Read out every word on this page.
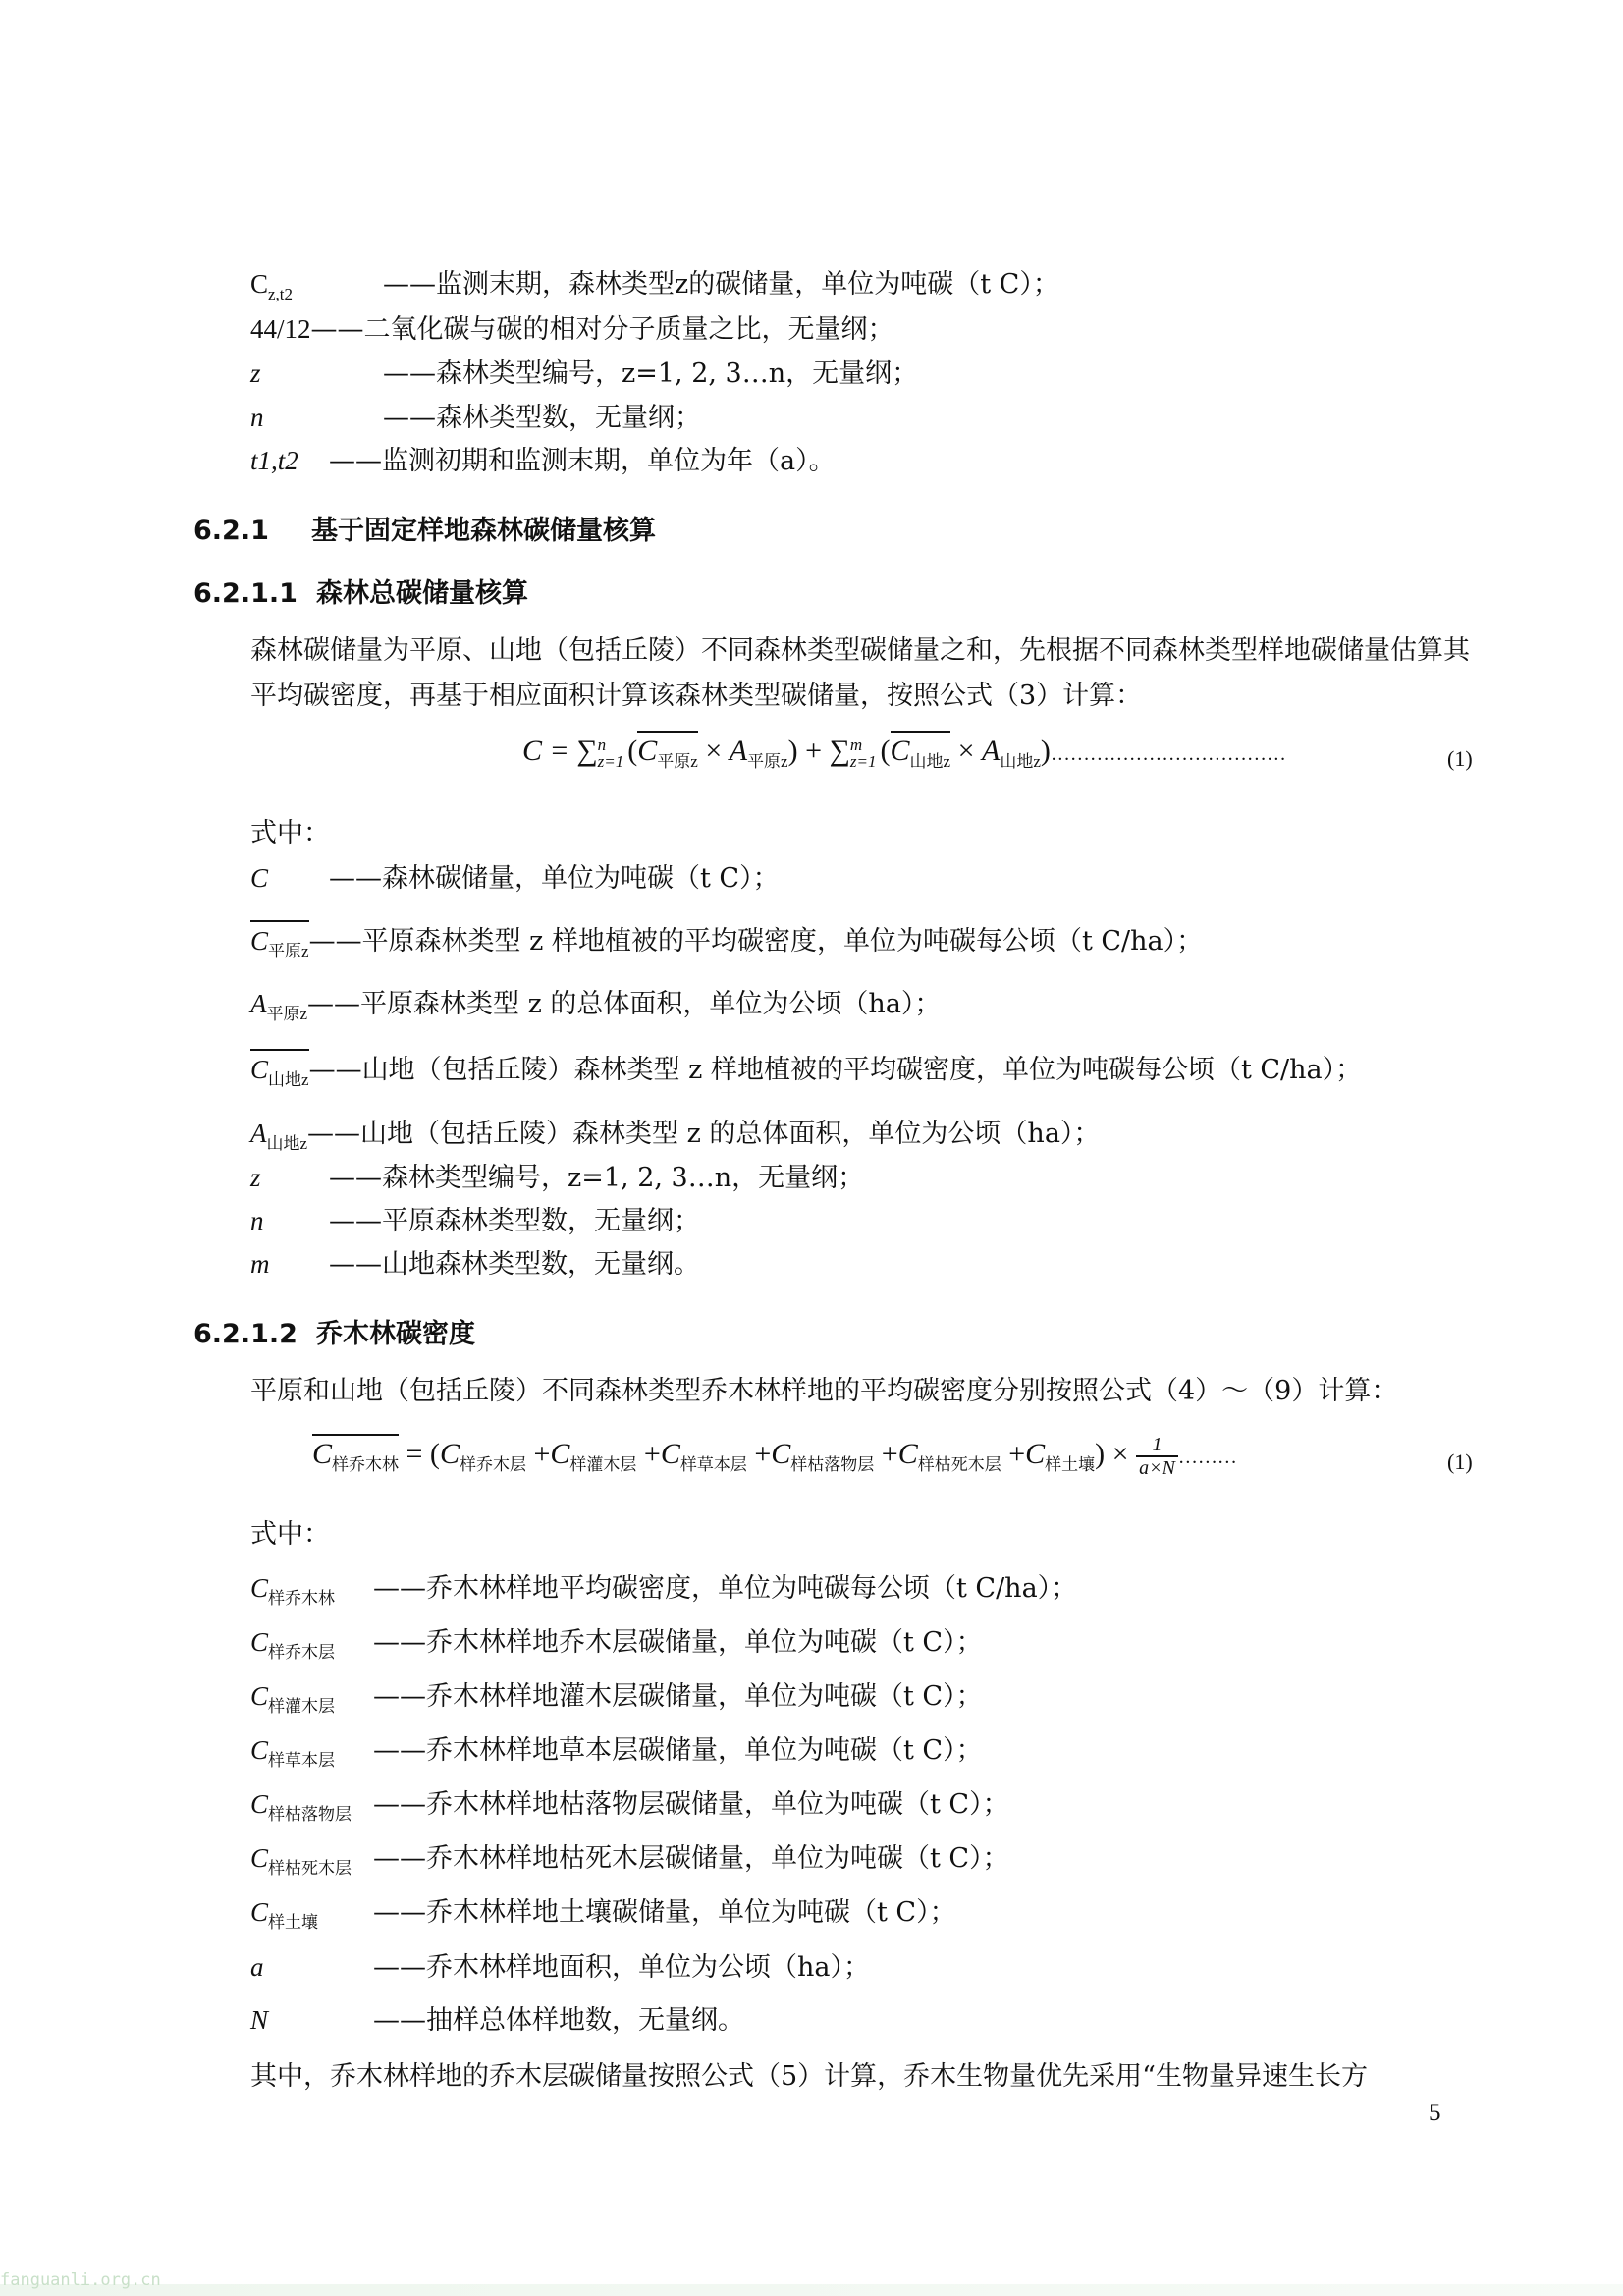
$C_{z,t2}$	——监测末期，森林类型z的碳储量，单位为吨碳（t C）；
44/12——二氧化碳与碳的相对分子质量之比，无量纲；
z	——森林类型编号，z=1, 2, 3…n，无量纲；
n	——森林类型数，无量纲；
t1,t2 ——监测初期和监测末期，单位为年（a）。
6.2.1 基于固定样地森林碳储量核算
6.2.1.1 森林总碳储量核算
森林碳储量为平原、山地（包括丘陵）不同森林类型碳储量之和，先根据不同森林类型样地碳储量估算其平均碳密度，再基于相应面积计算该森林类型碳储量，按照公式（3）计算：
C = ∑ n
z=1 $(C_{平原z} \times A_{平原z})$ + ∑ m
z=1 ($C_{山地z}$ × $A_{山地z})\dots\dots\dots\dots\dots\dots\dots\dots\dots\dots\dots\dots$	(1)
式中：
C ——森林碳储量，单位为吨碳（t C）；
$C_{平原z}——$平原森林类型 z 样地植被的平均碳密度，单位为吨碳每公顷（t C/ha）；
$A_{平原z}——$平原森林类型 z 的总体面积，单位为公顷（ha）；
$C_{山地z}——$山地（包括丘陵）森林类型 z 样地植被的平均碳密度，单位为吨碳每公顷（t C/ha）；
$A_{山地z}——$山地（包括丘陵）森林类型 z 的总体面积，单位为公顷（ha）；
z	——森林类型编号，z=1, 2, 3…n，无量纲；
n ——平原森林类型数，无量纲；
m ——山地森林类型数，无量纲。
6.2.1.2 乔木林碳密度
平原和山地（包括丘陵）不同森林类型乔木林样地的平均碳密度分别按照公式（4）～（9）计算：
$C_{样乔木林} = (C_{样乔木层} +C_{样灌木层} +C_{样草本层} +C_{样枯落物层} +C_{样枯死木层} +C_{样土壤}) \times \frac{1}{a\times N}$ ………	(1)
式中：
$C_{样乔木林}$ ——乔木林样地平均碳密度，单位为吨碳每公顷（t C/ha）；
$C_{样乔木层}$ ——乔木林样地乔木层碳储量，单位为吨碳（t C）；
$C_{样灌木层}$ ——乔木林样地灌木层碳储量，单位为吨碳（t C）；
$C_{样草本层}$ ——乔木林样地草本层碳储量，单位为吨碳（t C）；
$C_{样枯落物层}$ ——乔木林样地枯落物层碳储量，单位为吨碳（t C）；
$C_{样枯死木层}$ ——乔木林样地枯死木层碳储量，单位为吨碳（t C）；
$C_{样土壤}$ ——乔木林样地土壤碳储量，单位为吨碳（t C）；
a	——乔木林样地面积，单位为公顷（ha）；
N	——抽样总体样地数，无量纲。
其中，乔木林样地的乔木层碳储量按照公式（5）计算，乔木生物量优先采用“生物量异速生长方
5
fanguanli.org.cn
